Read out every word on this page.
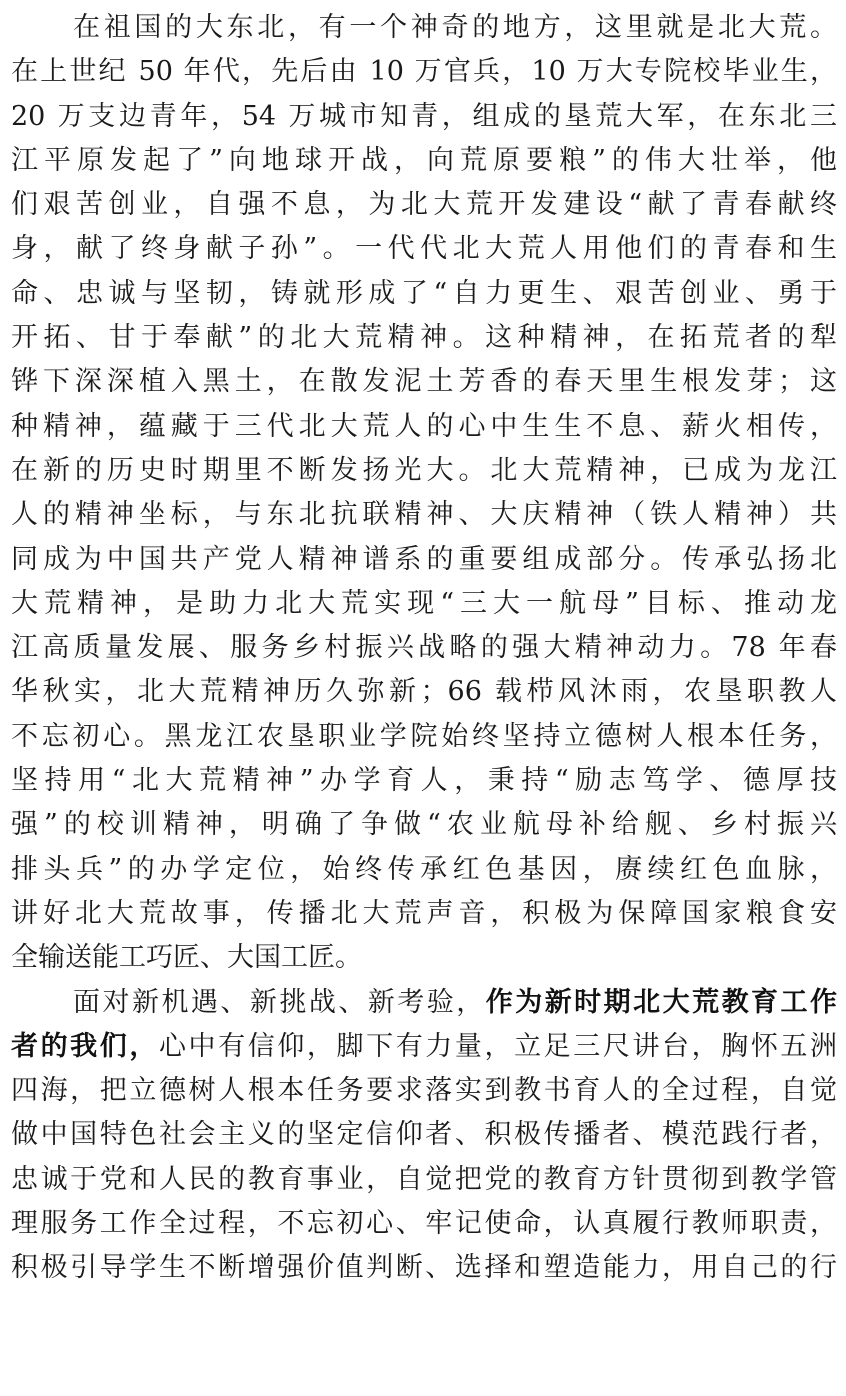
在祖国的大东北，有一个神奇的地方，这里就是北大荒。
在上世纪 50 年代，先后由 10 万官兵，10 万大专院校毕业生，
20 万支边青年，54 万城市知青，组成的垦荒大军，在东北三
江平原发起了”向地球开战，向荒原要粮”的伟大壮举，他
们艰苦创业，自强不息，为北大荒开发建设“献了青春献终
身，献了终身献子孙”。一代代北大荒人用他们的青春和生
命、忠诚与坚韧，铸就形成了“自力更生、艰苦创业、勇于
开拓、甘于奉献”的北大荒精神。这种精神，在拓荒者的犁
铧下深深植入黑土，在散发泥土芳香的春天里生根发芽；这
种精神，蕴藏于三代北大荒人的心中生生不息、薪火相传，
在新的历史时期里不断发扬光大。北大荒精神，已成为龙江
人的精神坐标，与东北抗联精神、大庆精神（铁人精神）共
同成为中国共产党人精神谱系的重要组成部分。传承弘扬北
大荒精神，是助力北大荒实现“三大一航母”目标、推动龙
江高质量发展、服务乡村振兴战略的强大精神动力。78 年春
华秋实，北大荒精神历久弥新；66 载栉风沐雨，农垦职教人
不忘初心。黑龙江农垦职业学院始终坚持立德树人根本任务，
坚持用“北大荒精神”办学育人，秉持“励志笃学、德厚技
强”的校训精神，明确了争做“农业航母补给舰、乡村振兴
排头兵”的办学定位，始终传承红色基因，赓续红色血脉，
讲好北大荒故事，传播北大荒声音，积极为保障国家粮食安
全输送能工巧匠、大国工匠。
面对新机遇、新挑战、新考验，作为新时期北大荒教育工作
者的我们，心中有信仰，脚下有力量，立足三尺讲台，胸怀五洲
四海，把立德树人根本任务要求落实到教书育人的全过程，自觉
做中国特色社会主义的坚定信仰者、积极传播者、模范践行者，
忠诚于党和人民的教育事业，自觉把党的教育方针贯彻到教学管
理服务工作全过程，不忘初心、牢记使命，认真履行教师职责，
积极引导学生不断增强价值判断、选择和塑造能力，用自己的行
